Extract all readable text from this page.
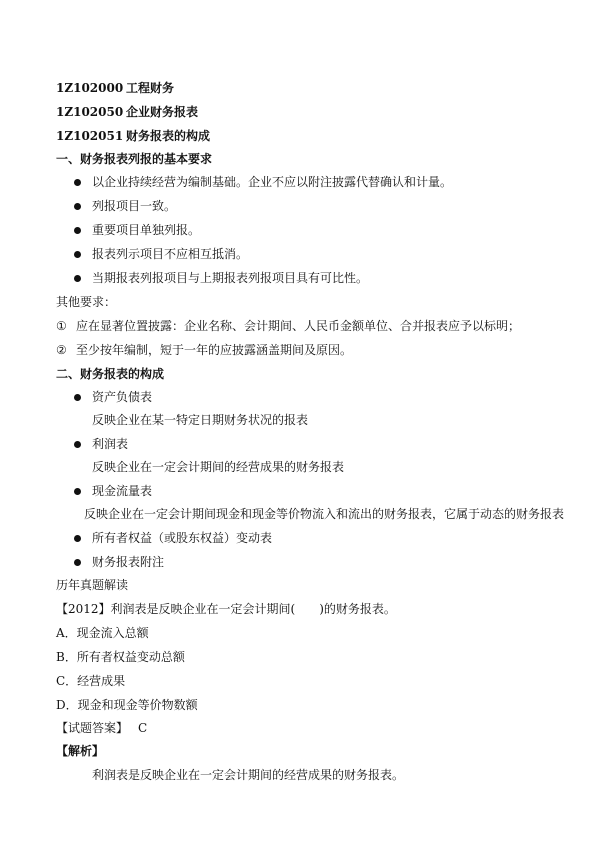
1Z102000 工程财务
1Z102050 企业财务报表
1Z102051 财务报表的构成
一、财务报表列报的基本要求
以企业持续经营为编制基础。企业不应以附注披露代替确认和计量。
列报项目一致。
重要项目单独列报。
报表列示项目不应相互抵消。
当期报表列报项目与上期报表列报项目具有可比性。
其他要求：
① 应在显著位置披露：企业名称、会计期间、人民币金额单位、合并报表应予以标明；
② 至少按年编制，短于一年的应披露涵盖期间及原因。
二、财务报表的构成
资产负债表
反映企业在某一特定日期财务状况的报表
利润表
反映企业在一定会计期间的经营成果的财务报表
现金流量表
反映企业在一定会计期间现金和现金等价物流入和流出的财务报表，它属于动态的财务报表
所有者权益（或股东权益）变动表
财务报表附注
历年真题解读
【2012】利润表是反映企业在一定会计期间(　　)的财务报表。
A．现金流入总额
B．所有者权益变动总额
C．经营成果
D．现金和现金等价物数额
【试题答案】 C
【解析】
利润表是反映企业在一定会计期间的经营成果的财务报表。
